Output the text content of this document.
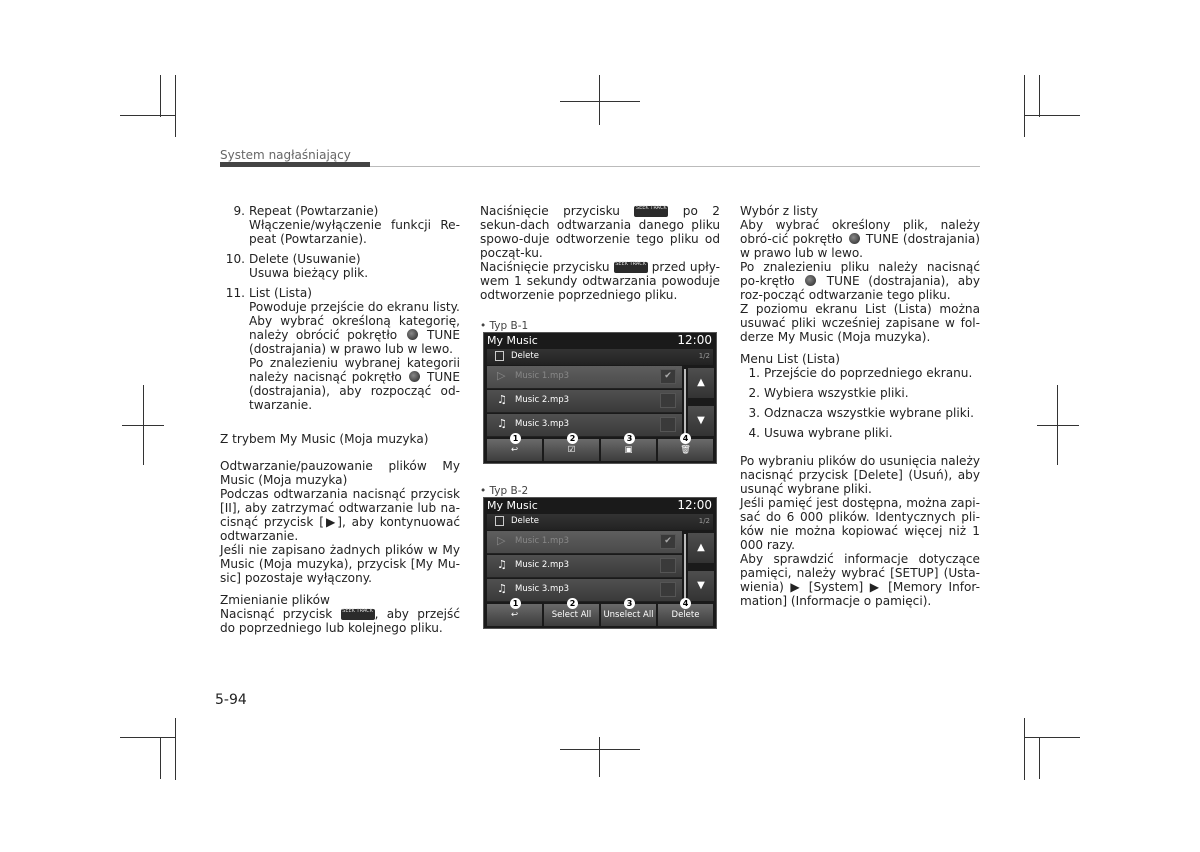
System nagłaśniający
9. Repeat (Powtarzanie)

Włączenie/wyłączenie funkcji Re-peat (Powtarzanie).

10. Delete (Usuwanie)

Usuwa bieżący plik.

11. List (Lista)

Powoduje przejście do ekranu listy.

Aby wybrać określoną kategorię, należy obrócić pokrętło TUNE (dostrajania) w prawo lub w lewo.

Po znalezieniu wybranej kategorii należy nacisnąć pokrętło TUNE (dostrajania), aby rozpocząć od-twarzanie.

Z trybem My Music (Moja muzyka)

Odtwarzanie/pauzowanie plików My Music (Moja muzyka)

Podczas odtwarzania nacisnąć przycisk [II], aby zatrzymać odtwarzanie lub na-cisnąć przycisk [▶], aby kontynuować odtwarzanie.

Jeśli nie zapisano żadnych plików w My Music (Moja muzyka), przycisk [My Mu-sic] pozostaje wyłączony.

Zmienianie plików

Nacisnąć przycisk SEEK TRACK , aby przejść do poprzedniego lub kolejnego pliku.

Naciśnięcie przycisku	SEEK TRACK po 2 sekun-dach odtwarzania danego pliku spowo-duje odtworzenie tego pliku od począt-ku.

Naciśnięcie przycisku SEEK TRACK przed upły-wem 1 sekundy odtwarzania powoduje odtworzenie poprzedniego pliku.

• Typ B-1
• Typ B-2
My Music	12:00
Delete	1/2
▷ Music 1.mp3	✔
♫ Music 2.mp3
♫ Music 3.mp3
▲
▼
↩	☑	▣	🗑
1	2	3	4
My Music	12:00
Delete	1/2
▷ Music 1.mp3	✔
♫ Music 2.mp3
♫ Music 3.mp3
▲
▼
↩	Select All	Unselect All	Delete
1	2	3	4

Wybór z listy

Aby wybrać określony plik, należy obró-cić pokrętło TUNE (dostrajania) w prawo lub w lewo.

Po znalezieniu pliku należy nacisnąć po-krętło	TUNE (dostrajania), aby roz-począć odtwarzanie tego pliku.

Z poziomu ekranu List (Lista) można usuwać pliki wcześniej zapisane w fol-derze My Music (Moja muzyka).

Menu List (Lista)

1. Przejście do poprzedniego ekranu.
2. Wybiera wszystkie pliki.
3. Odznacza wszystkie wybrane pliki.
4. Usuwa wybrane pliki.

Po wybraniu plików do usunięcia należy nacisnąć przycisk [Delete] (Usuń), aby usunąć wybrane pliki.

Jeśli pamięć jest dostępna, można zapi-sać do 6 000 plików. Identycznych pli-ków nie można kopiować więcej niż 1 000 razy.

Aby sprawdzić informacje dotyczące pamięci, należy wybrać [SETUP] (Usta-wienia) ▶ [System] ▶ [Memory Infor-mation] (Informacje o pamięci).

5-94
